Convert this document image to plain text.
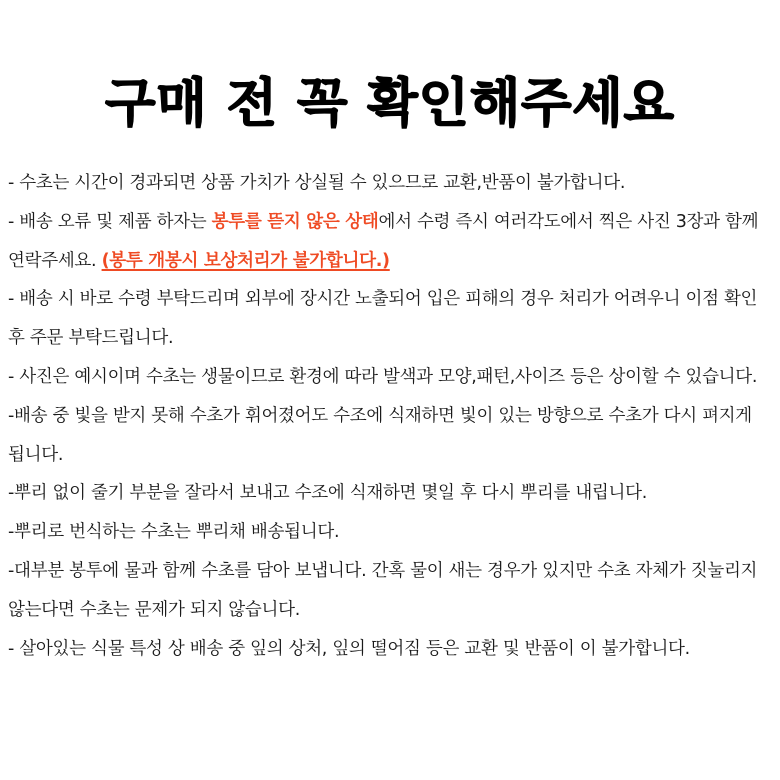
구매 전 꼭 확인해주세요
- 수초는 시간이 경과되면 상품 가치가 상실될 수 있으므로 교환,반품이 불가합니다.
- 배송 오류 및 제품 하자는 봉투를 뜯지 않은 상태에서 수령 즉시 여러각도에서 찍은 사진 3장과 함께 연락주세요. (봉투 개봉시 보상처리가 불가합니다.)
- 배송 시 바로 수령 부탁드리며 외부에 장시간 노출되어 입은 피해의 경우 처리가 어려우니 이점 확인 후 주문 부탁드립니다.
- 사진은 예시이며 수초는 생물이므로 환경에 따라 발색과 모양,패턴,사이즈 등은 상이할 수 있습니다.
-배송 중 빛을 받지 못해 수초가 휘어졌어도 수조에 식재하면 빛이 있는 방향으로 수초가 다시 펴지게 됩니다.
-뿌리 없이 줄기 부분을 잘라서 보내고 수조에 식재하면 몇일 후 다시 뿌리를 내립니다.
-뿌리로 번식하는 수초는 뿌리채 배송됩니다.
-대부분 봉투에 물과 함께 수초를 담아 보냅니다. 간혹 물이 새는 경우가 있지만 수초 자체가 짓눌리지 않는다면 수초는 문제가 되지 않습니다.
- 살아있는 식물 특성 상 배송 중 잎의 상처, 잎의 떨어짐 등은 교환 및 반품이 이 불가합니다.
